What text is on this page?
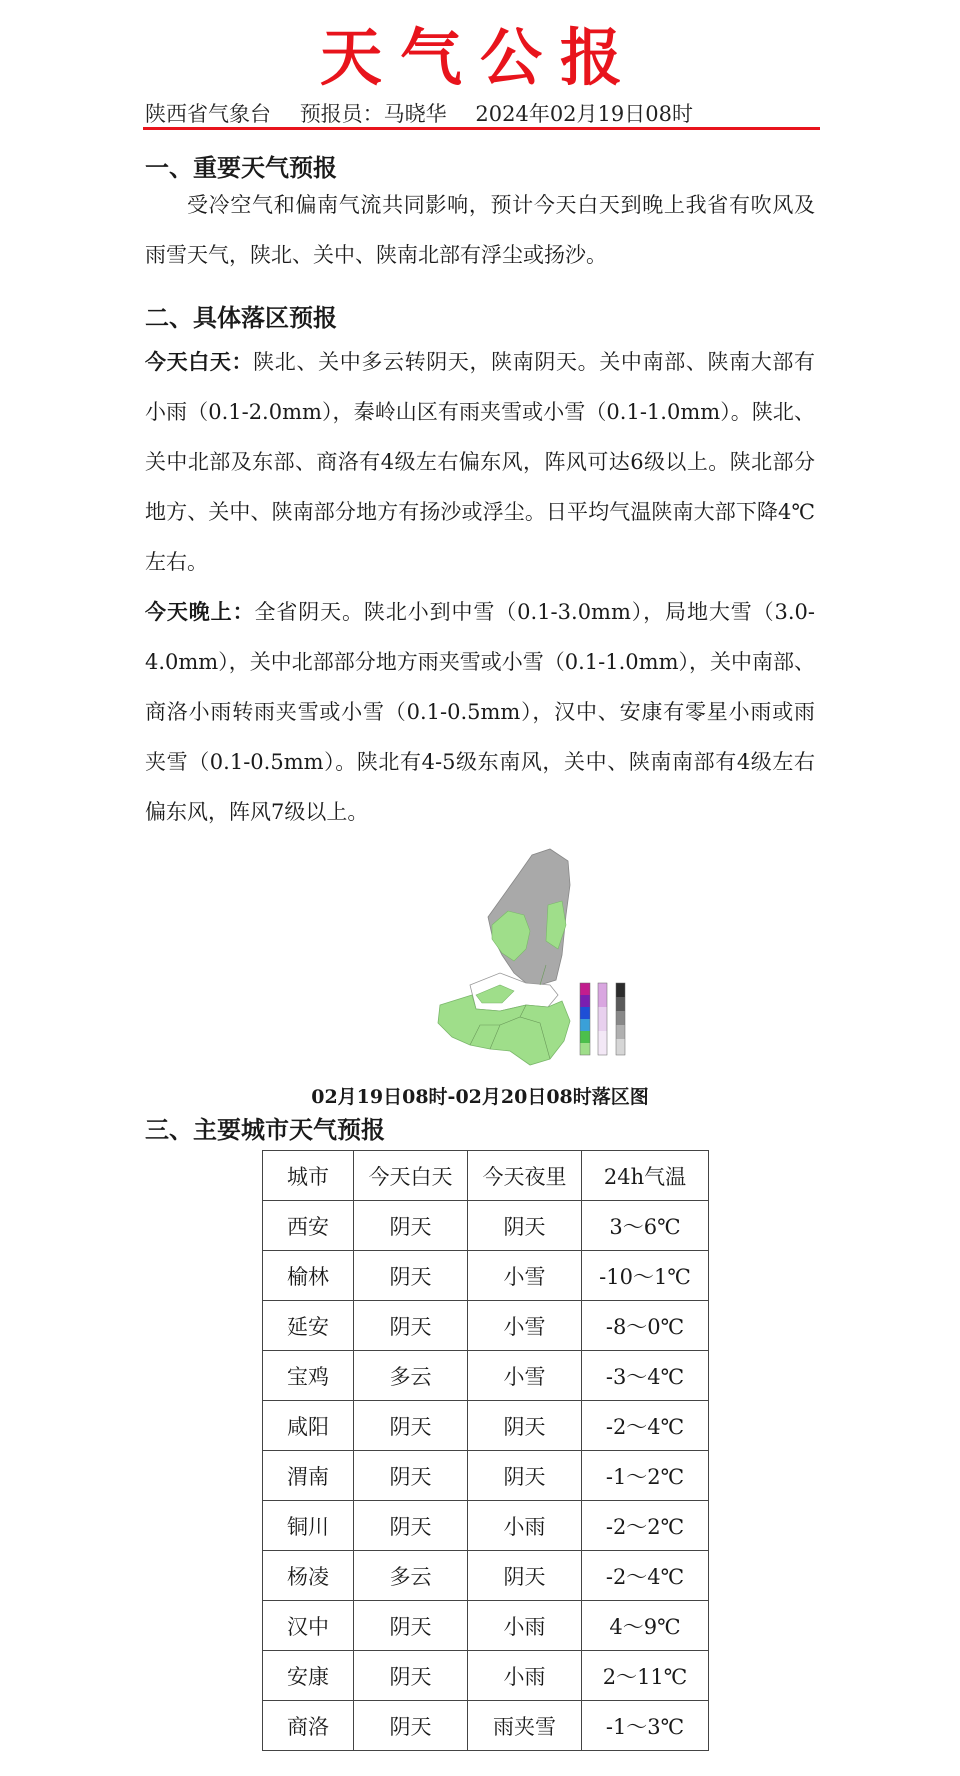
天气公报
陕西省气象台 预报员：马晓华 2024年02月19日08时
一、重要天气预报
受冷空气和偏南气流共同影响，预计今天白天到晚上我省有吹风及雨雪天气，陕北、关中、陕南北部有浮尘或扬沙。
二、具体落区预报
今天白天：陕北、关中多云转阴天，陕南阴天。关中南部、陕南大部有小雨（0.1-2.0mm），秦岭山区有雨夹雪或小雪（0.1-1.0mm）。陕北、关中北部及东部、商洛有4级左右偏东风，阵风可达6级以上。陕北部分地方、关中、陕南部分地方有扬沙或浮尘。日平均气温陕南大部下降4℃左右。
今天晚上：全省阴天。陕北小到中雪（0.1-3.0mm），局地大雪（3.0-4.0mm），关中北部部分地方雨夹雪或小雪（0.1-1.0mm），关中南部、商洛小雨转雨夹雪或小雪（0.1-0.5mm），汉中、安康有零星小雨或雨夹雪（0.1-0.5mm）。陕北有4-5级东南风，关中、陕南南部有4级左右偏东风，阵风7级以上。
02月19日08时-02月20日08时落区图
三、主要城市天气预报
城市	今天白天	今天夜里	24h气温
西安	阴天	阴天	3～6℃
榆林	阴天	小雪	-10～1℃
延安	阴天	小雪	-8～0℃
宝鸡	多云	小雪	-3～4℃
咸阳	阴天	阴天	-2～4℃
渭南	阴天	阴天	-1～2℃
铜川	阴天	小雨	-2～2℃
杨凌	多云	阴天	-2～4℃
汉中	阴天	小雨	4～9℃
安康	阴天	小雨	2～11℃
商洛	阴天	雨夹雪	-1～3℃
